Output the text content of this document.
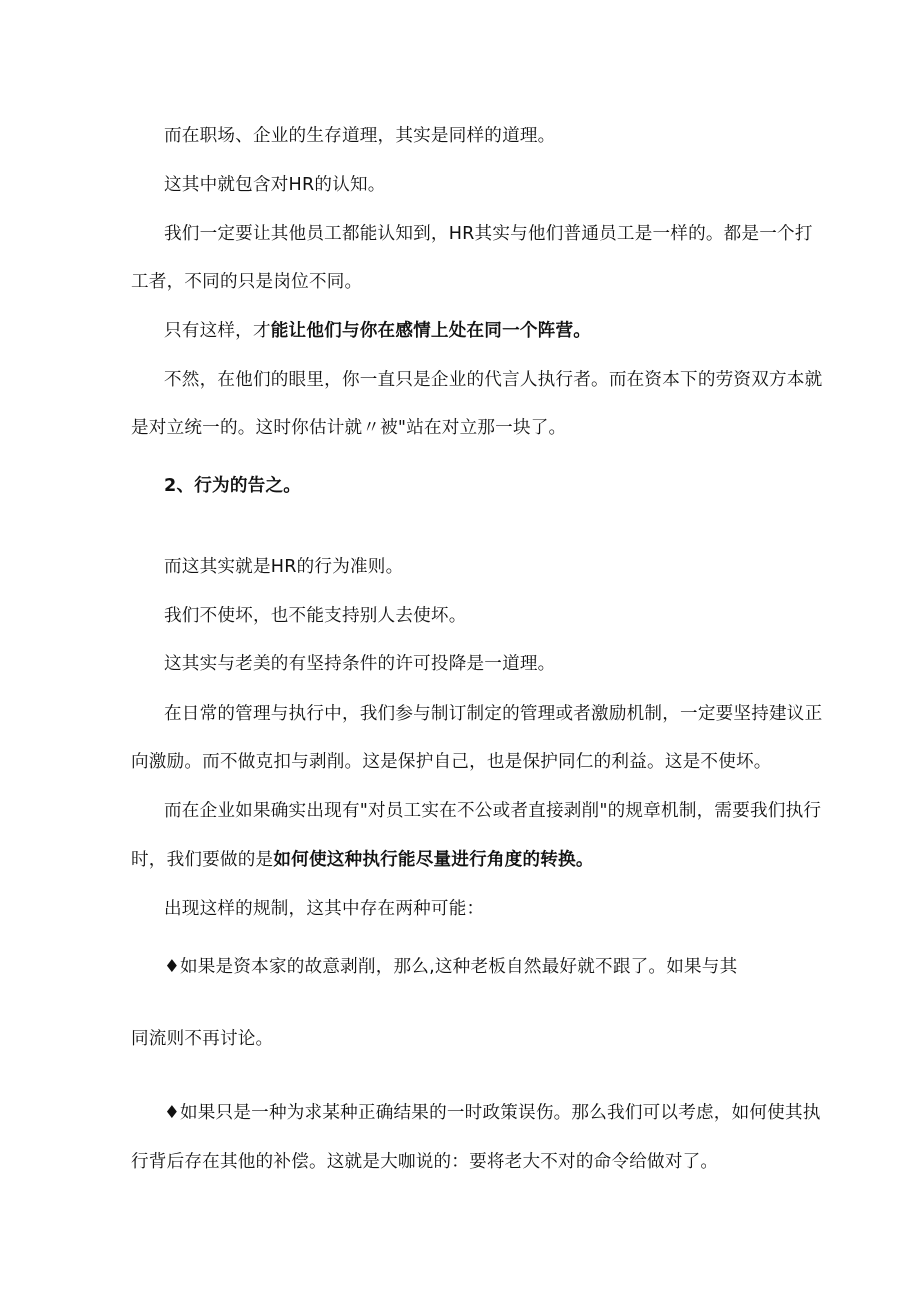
而在职场、企业的生存道理，其实是同样的道理。
这其中就包含对HR的认知。
我们一定要让其他员工都能认知到，HR其实与他们普通员工是一样的。都是一个打
工者，不同的只是岗位不同。
只有这样，才能让他们与你在感情上处在同一个阵营。
不然，在他们的眼里，你一直只是企业的代言人执行者。而在资本下的劳资双方本就
是对立统一的。这时你估计就〃被"站在对立那一块了。
2、行为的告之。
而这其实就是HR的行为准则。
我们不使坏，也不能支持别人去使坏。
这其实与老美的有坚持条件的许可投降是一道理。
在日常的管理与执行中，我们参与制订制定的管理或者激励机制，一定要坚持建议正
向激励。而不做克扣与剥削。这是保护自己，也是保护同仁的利益。这是不使坏。
而在企业如果确实出现有"对员工实在不公或者直接剥削"的规章机制，需要我们执行
时，我们要做的是如何使这种执行能尽量进行角度的转换。
出现这样的规制，这其中存在两种可能：
♦如果是资本家的故意剥削，那么,这种老板自然最好就不跟了。如果与其
同流则不再讨论。
♦如果只是一种为求某种正确结果的一时政策误伤。那么我们可以考虑，如何使其执
行背后存在其他的补偿。这就是大咖说的：要将老大不对的命令给做对了。
